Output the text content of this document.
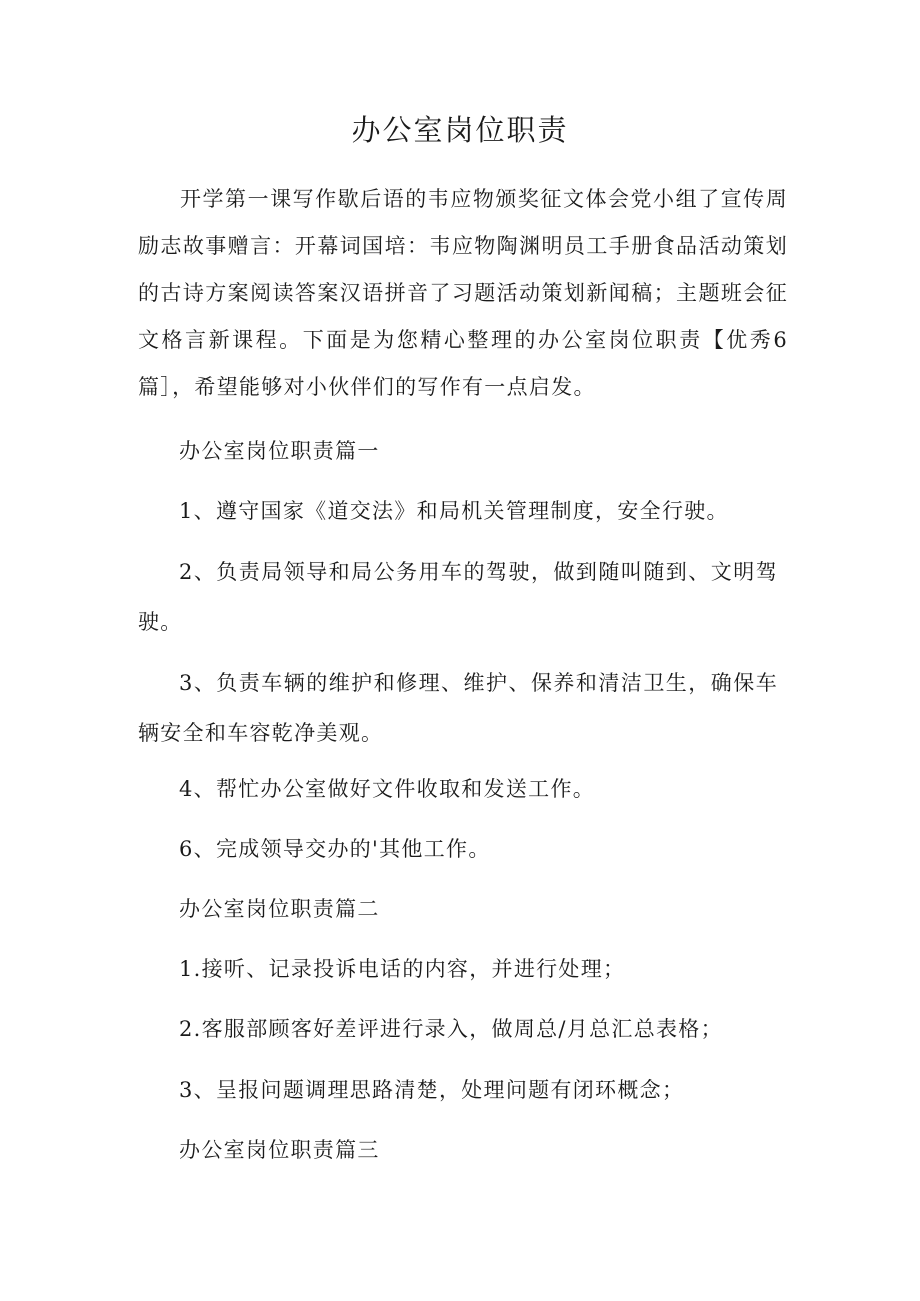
办公室岗位职责

开学第一课写作歇后语的韦应物颁奖征文体会党小组了宣传周励志故事赠言：开幕词国培：韦应物陶渊明员工手册食品活动策划的古诗方案阅读答案汉语拼音了习题活动策划新闻稿；主题班会征文格言新课程。下面是为您精心整理的办公室岗位职责【优秀6篇］，希望能够对小伙伴们的写作有一点启发。

办公室岗位职责篇一

1、遵守国家《道交法》和局机关管理制度，安全行驶。

2、负责局领导和局公务用车的驾驶，做到随叫随到、文明驾驶。

3、负责车辆的维护和修理、维护、保养和清洁卫生，确保车辆安全和车容乾净美观。

4、帮忙办公室做好文件收取和发送工作。

6、完成领导交办的'其他工作。

办公室岗位职责篇二

1.接听、记录投诉电话的内容，并进行处理；

2.客服部顾客好差评进行录入，做周总/月总汇总表格；

3、呈报问题调理思路清楚，处理问题有闭环概念；

办公室岗位职责篇三
